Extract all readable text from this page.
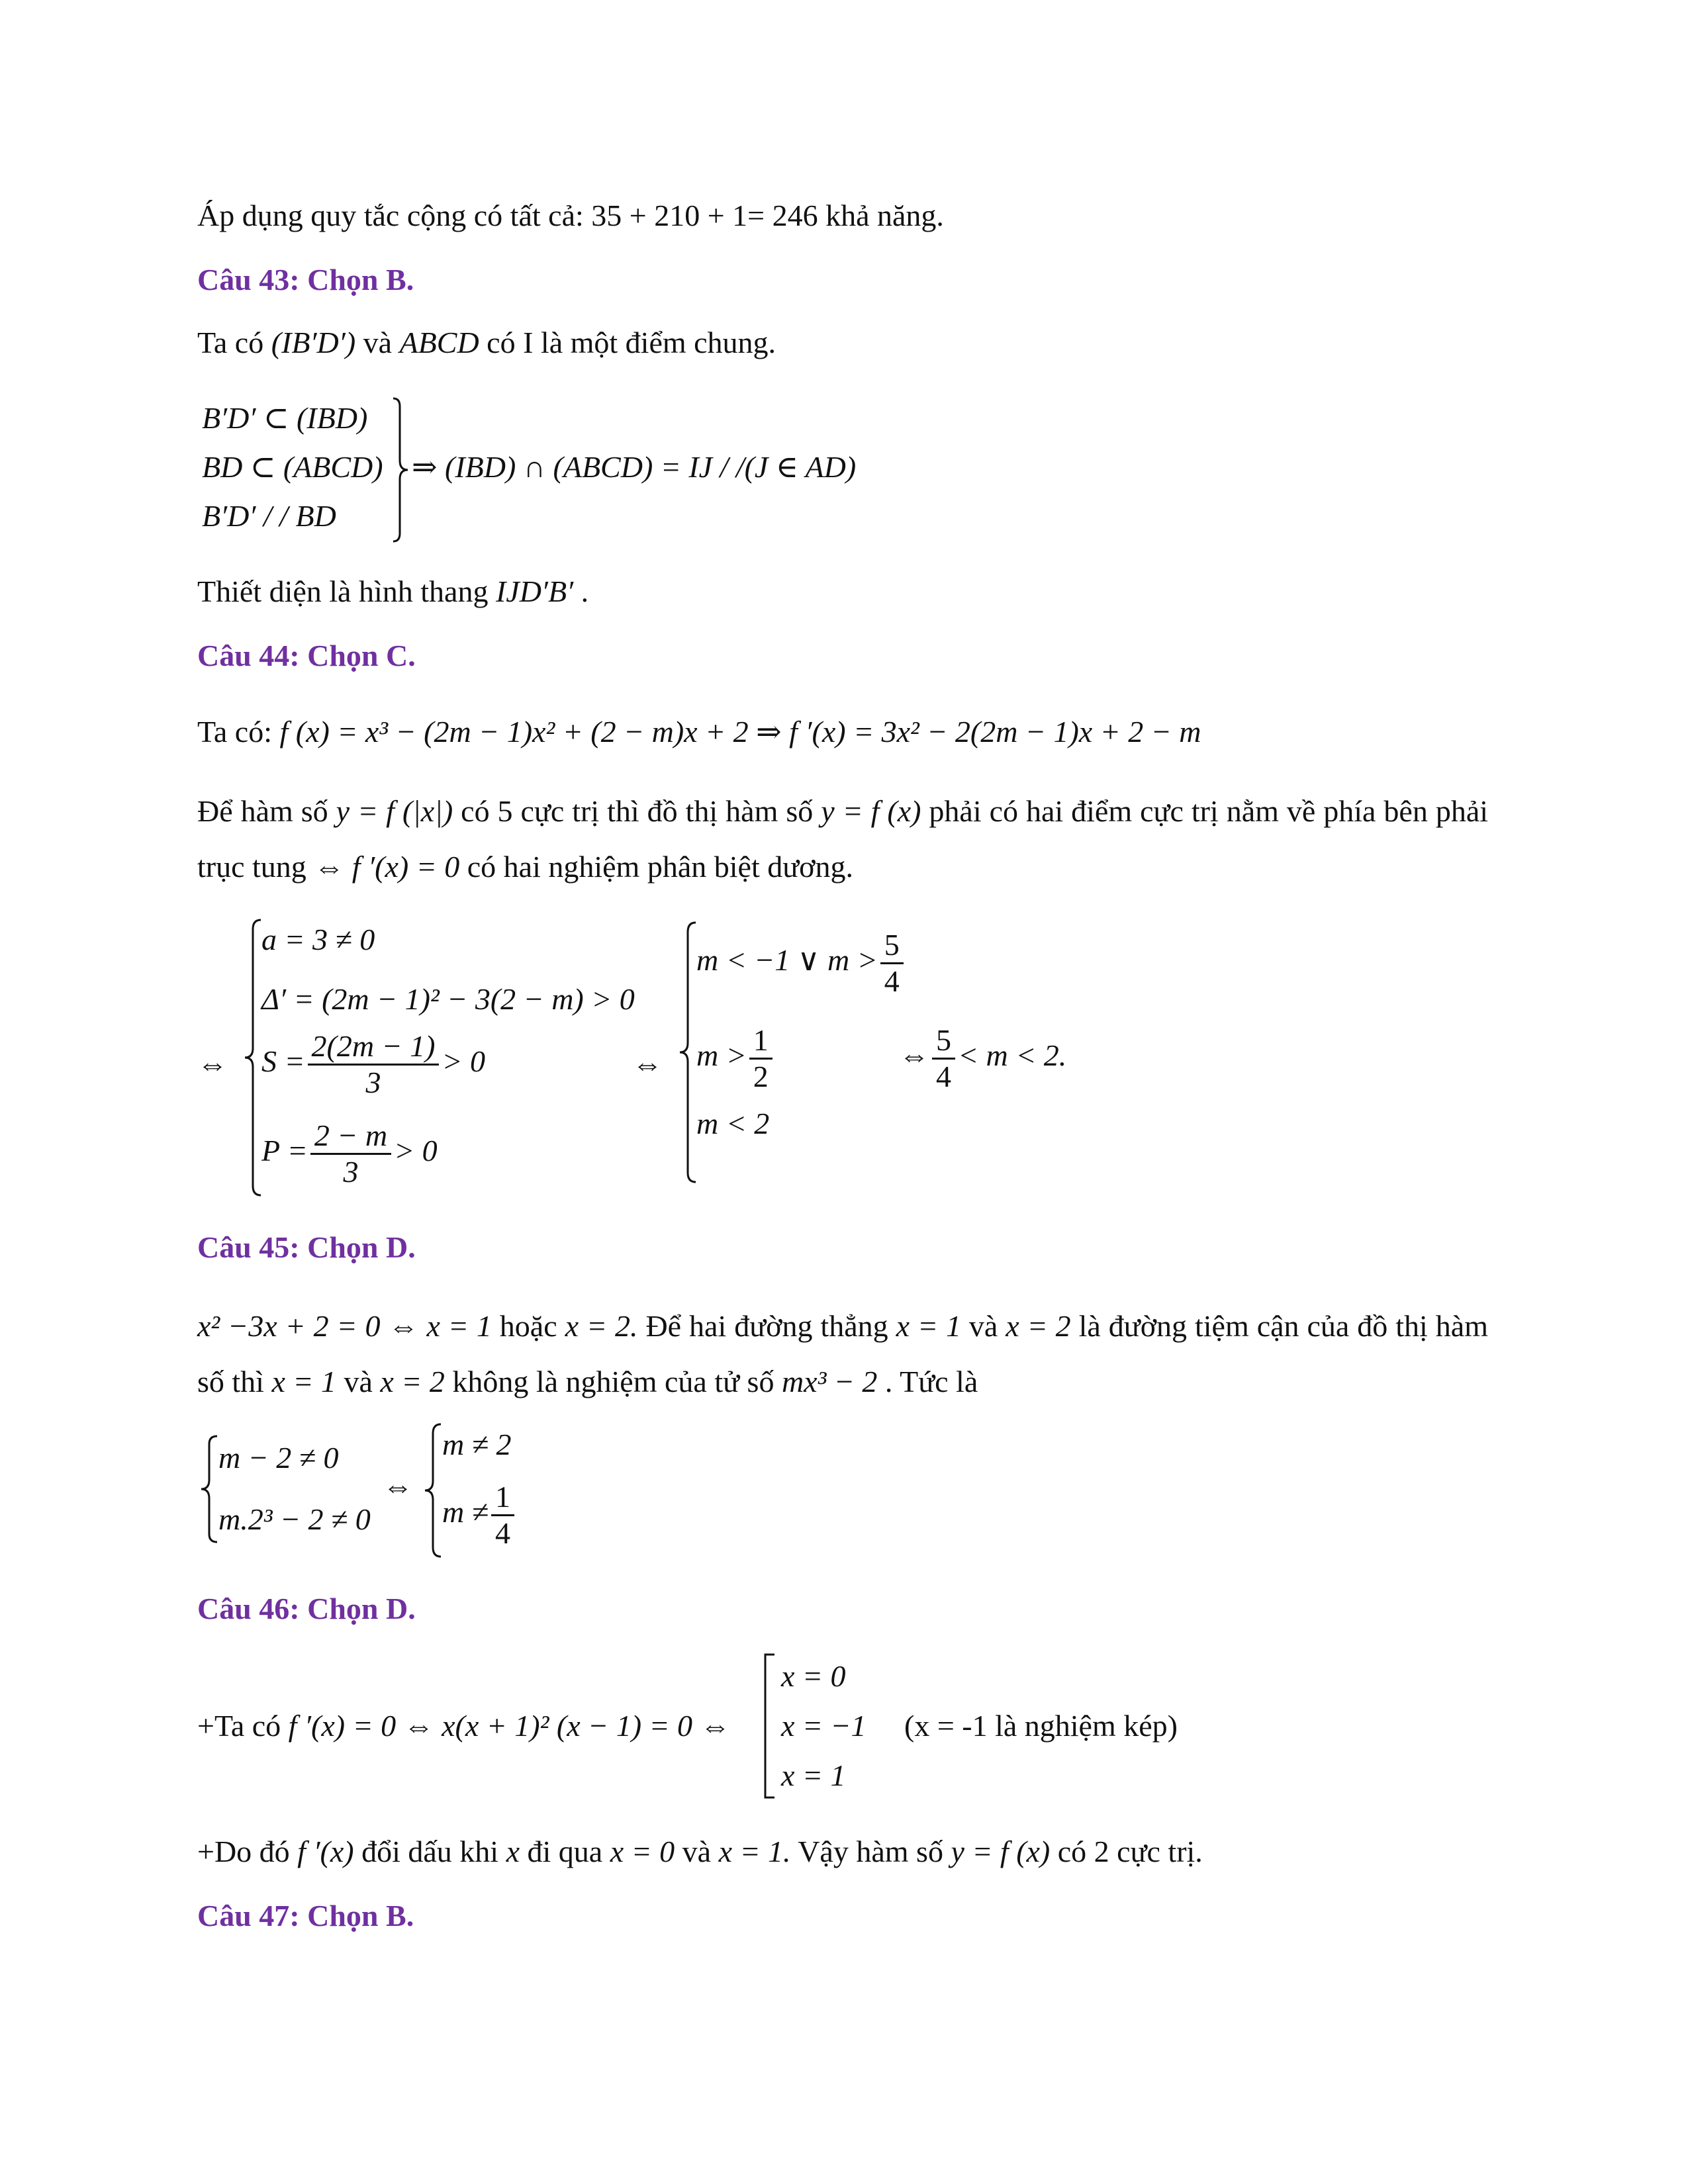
Áp dụng quy tắc cộng có tất cả: 35 + 210 + 1= 246 khả năng.
Câu 43: Chọn B.
Ta có (IB′D′) và ABCD có I là một điểm chung.
B′D′ ⊂ (IBD)
BD ⊂ (ABCD)
B′D′ / / BD
⇒ (IBD) ∩ (ABCD) = IJ / /(J ∈ AD)
Thiết diện là hình thang IJD′B′ .
Câu 44: Chọn C.
Ta có: f (x) = x³ − (2m − 1)x² + (2 − m)x + 2 ⇒ f ′(x) = 3x² − 2(2m − 1)x + 2 − m
Để hàm số y = f (|x|) có 5 cực trị thì đồ thị hàm số y = f (x) phải có hai điểm cực trị nằm về phía bên phải trục tung ⇔ f ′(x) = 0 có hai nghiệm phân biệt dương.
⇔
a = 3 ≠ 0
Δ′ = (2m − 1)² − 3(2 − m) > 0
$S = \frac{2(2m - 1)}{3} > 0$
$P = \frac{2 - m}{3} > 0$
⇔
m < −1 ∨ $m > \frac{5}{4}$
$m > \frac{1}{2}$
m < 2
⇔ $\frac{5}{4} < m < 2$.
Câu 45: Chọn D.
x² −3x + 2 = 0 ⇔ x = 1 hoặc x = 2. Để hai đường thẳng x = 1 và x = 2 là đường tiệm cận của đồ thị hàm số thì x = 1 và x = 2 không là nghiệm của tử số mx³ − 2 . Tức là
m − 2 ≠ 0
m.2³ − 2 ≠ 0
⇔
m ≠ 2
$m \ne \frac{1}{4}$
Câu 46: Chọn D.
+Ta có f ′(x) = 0 ⇔ x(x + 1)² (x − 1) = 0 ⇔
x = 0
x = −1 (x = -1 là nghiệm kép)
x = 1
+Do đó f ′(x) đổi dấu khi x đi qua x = 0 và x = 1. Vậy hàm số y = f (x) có 2 cực trị.
Câu 47: Chọn B.
